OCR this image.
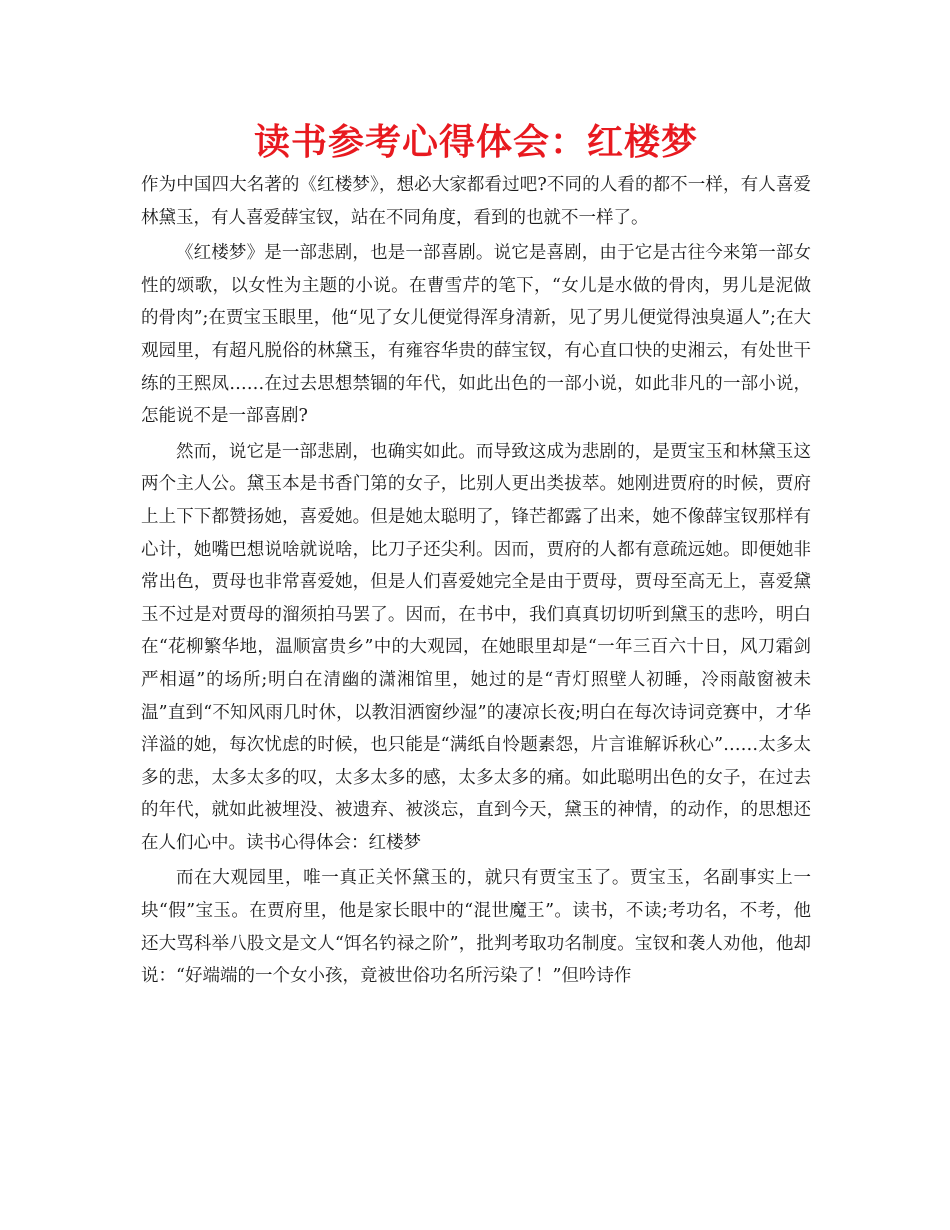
读书参考心得体会：红楼梦

作为中国四大名著的《红楼梦》，想必大家都看过吧?不同的人看的都不一样，有人喜爱林黛玉，有人喜爱薛宝钗，站在不同角度，看到的也就不一样了。

《红楼梦》是一部悲剧，也是一部喜剧。说它是喜剧，由于它是古往今来第一部女性的颂歌，以女性为主题的小说。在曹雪芹的笔下，“女儿是水做的骨肉，男儿是泥做的骨肉”;在贾宝玉眼里，他“见了女儿便觉得浑身清新，见了男儿便觉得浊臭逼人”;在大观园里，有超凡脱俗的林黛玉，有雍容华贵的薛宝钗，有心直口快的史湘云，有处世干练的王熙凤……在过去思想禁锢的年代，如此出色的一部小说，如此非凡的一部小说，怎能说不是一部喜剧?

然而，说它是一部悲剧，也确实如此。而导致这成为悲剧的，是贾宝玉和林黛玉这两个主人公。黛玉本是书香门第的女子，比别人更出类拔萃。她刚进贾府的时候，贾府上上下下都赞扬她，喜爱她。但是她太聪明了，锋芒都露了出来，她不像薛宝钗那样有心计，她嘴巴想说啥就说啥，比刀子还尖利。因而，贾府的人都有意疏远她。即便她非常出色，贾母也非常喜爱她，但是人们喜爱她完全是由于贾母，贾母至高无上，喜爱黛玉不过是对贾母的溜须拍马罢了。因而，在书中，我们真真切切听到黛玉的悲吟，明白在“花柳繁华地，温顺富贵乡”中的大观园，在她眼里却是“一年三百六十日，风刀霜剑严相逼”的场所;明白在清幽的潇湘馆里，她过的是“青灯照壁人初睡，冷雨敲窗被未温”直到“不知风雨几时休，以教泪洒窗纱湿”的凄凉长夜;明白在每次诗词竞赛中，才华洋溢的她，每次忧虑的时候，也只能是“满纸自怜题素怨，片言谁解诉秋心”……太多太多的悲，太多太多的叹，太多太多的感，太多太多的痛。如此聪明出色的女子，在过去的年代，就如此被埋没、被遗弃、被淡忘，直到今天，黛玉的神情，的动作，的思想还在人们心中。读书心得体会：红楼梦

而在大观园里，唯一真正关怀黛玉的，就只有贾宝玉了。贾宝玉，名副事实上一块“假”宝玉。在贾府里，他是家长眼中的“混世魔王”。读书，不读;考功名，不考，他还大骂科举八股文是文人“饵名钓禄之阶”，批判考取功名制度。宝钗和袭人劝他，他却说：“好端端的一个女小孩，竟被世俗功名所污染了！”但吟诗作
